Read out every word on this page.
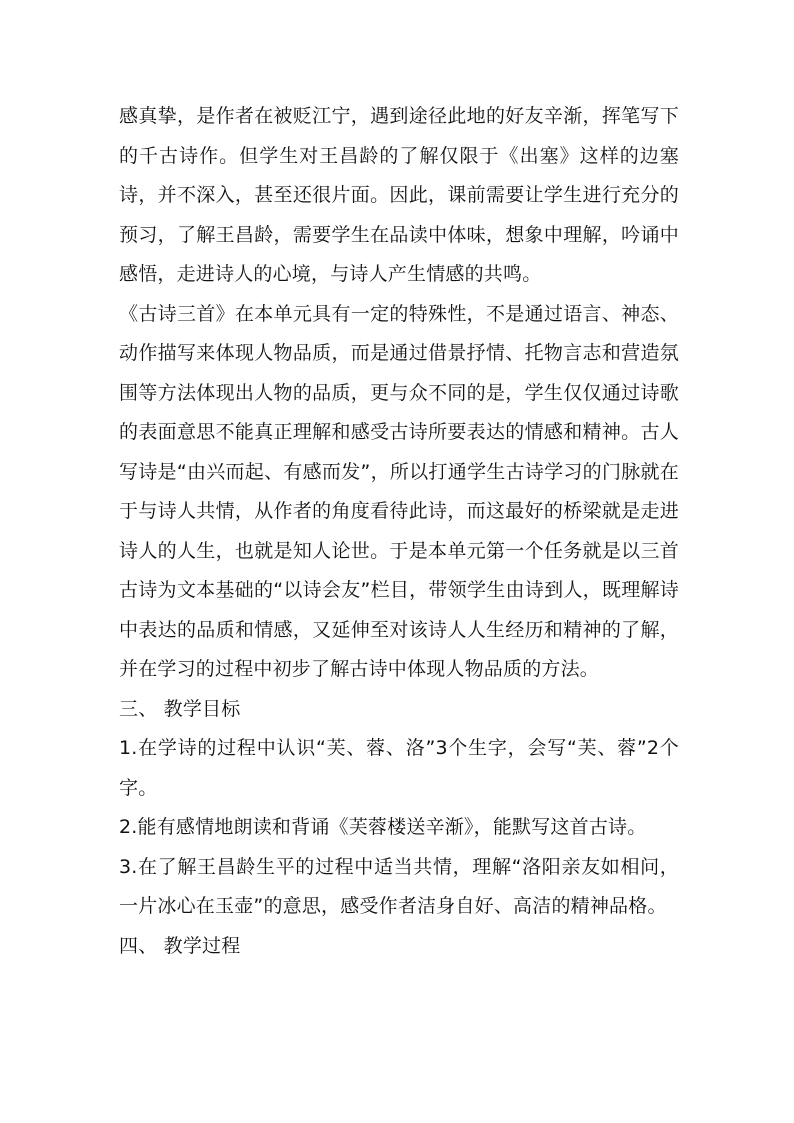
感真挚，是作者在被贬江宁，遇到途径此地的好友辛渐，挥笔写下的千古诗作。但学生对王昌龄的了解仅限于《出塞》这样的边塞诗，并不深入，甚至还很片面。因此，课前需要让学生进行充分的预习，了解王昌龄，需要学生在品读中体味，想象中理解，吟诵中感悟，走进诗人的心境，与诗人产生情感的共鸣。

《古诗三首》在本单元具有一定的特殊性，不是通过语言、神态、动作描写来体现人物品质，而是通过借景抒情、托物言志和营造氛围等方法体现出人物的品质，更与众不同的是，学生仅仅通过诗歌的表面意思不能真正理解和感受古诗所要表达的情感和精神。古人写诗是“由兴而起、有感而发”，所以打通学生古诗学习的门脉就在于与诗人共情，从作者的角度看待此诗，而这最好的桥梁就是走进诗人的人生，也就是知人论世。于是本单元第一个任务就是以三首古诗为文本基础的“以诗会友”栏目，带领学生由诗到人，既理解诗中表达的品质和情感，又延伸至对该诗人人生经历和精神的了解，并在学习的过程中初步了解古诗中体现人物品质的方法。

三、 教学目标

1.在学诗的过程中认识“芙、蓉、洛”3个生字，会写“芙、蓉”2个字。

2.能有感情地朗读和背诵《芙蓉楼送辛渐》，能默写这首古诗。

3.在了解王昌龄生平的过程中适当共情，理解“洛阳亲友如相问，一片冰心在玉壶”的意思，感受作者洁身自好、高洁的精神品格。

四、 教学过程
